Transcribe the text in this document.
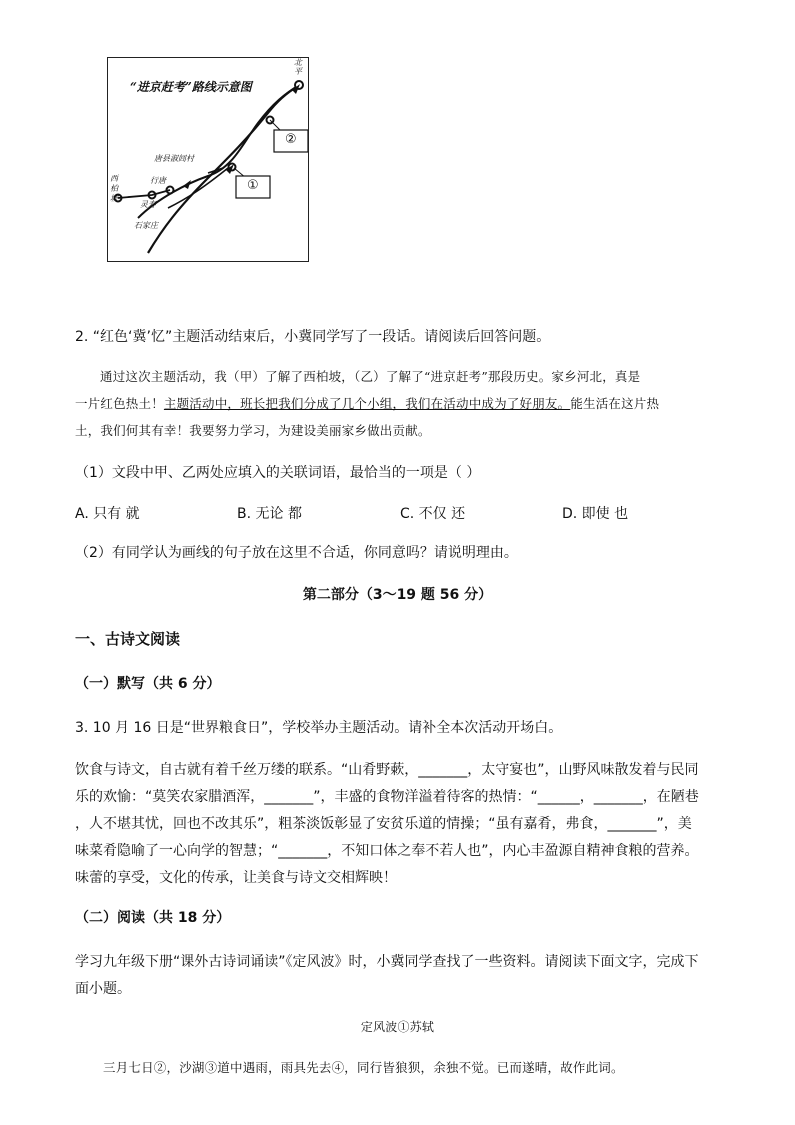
“进京赶考”路线示意图
北平
西柏坡
行唐
灵寿
唐县淑闾村
石家庄
①
②
2. “红色‘冀’忆”主题活动结束后，小冀同学写了一段话。请阅读后回答问题。
通过这次主题活动，我（甲）了解了西柏坡，（乙）了解了“进京赶考”那段历史。家乡河北，真是
一片红色热土！主题活动中，班长把我们分成了几个小组，我们在活动中成为了好朋友。能生活在这片热
土，我们何其有幸！我要努力学习，为建设美丽家乡做出贡献。
（1）文段中甲、乙两处应填入的关联词语，最恰当的一项是（ ）
A. 只有 就	B. 无论 都	C. 不仅 还	D. 即使 也
（2）有同学认为画线的句子放在这里不合适，你同意吗？请说明理由。
第二部分（3～19 题 56 分）
一、古诗文阅读
（一）默写（共 6 分）
3. 10 月 16 日是“世界粮食日”，学校举办主题活动。请补全本次活动开场白。
饮食与诗文，自古就有着千丝万缕的联系。“山肴野蔌，_______，太守宴也”，山野风味散发着与民同
乐的欢愉：“莫笑农家腊酒浑，_______”，丰盛的食物洋溢着待客的热情：“______，_______，在陋巷
，人不堪其忧，回也不改其乐”，粗茶淡饭彰显了安贫乐道的情操；“虽有嘉肴，弗食，_______”，美
味菜肴隐喻了一心向学的智慧；“_______，不知口体之奉不若人也”，内心丰盈源自精神食粮的营养。
味蕾的享受，文化的传承，让美食与诗文交相辉映！
（二）阅读（共 18 分）
学习九年级下册“课外古诗词诵读”《定风波》时，小冀同学查找了一些资料。请阅读下面文字，完成下
面小题。
定风波①苏轼
三月七日②，沙湖③道中遇雨，雨具先去④，同行皆狼狈，余独不觉。已而遂晴，故作此词。
